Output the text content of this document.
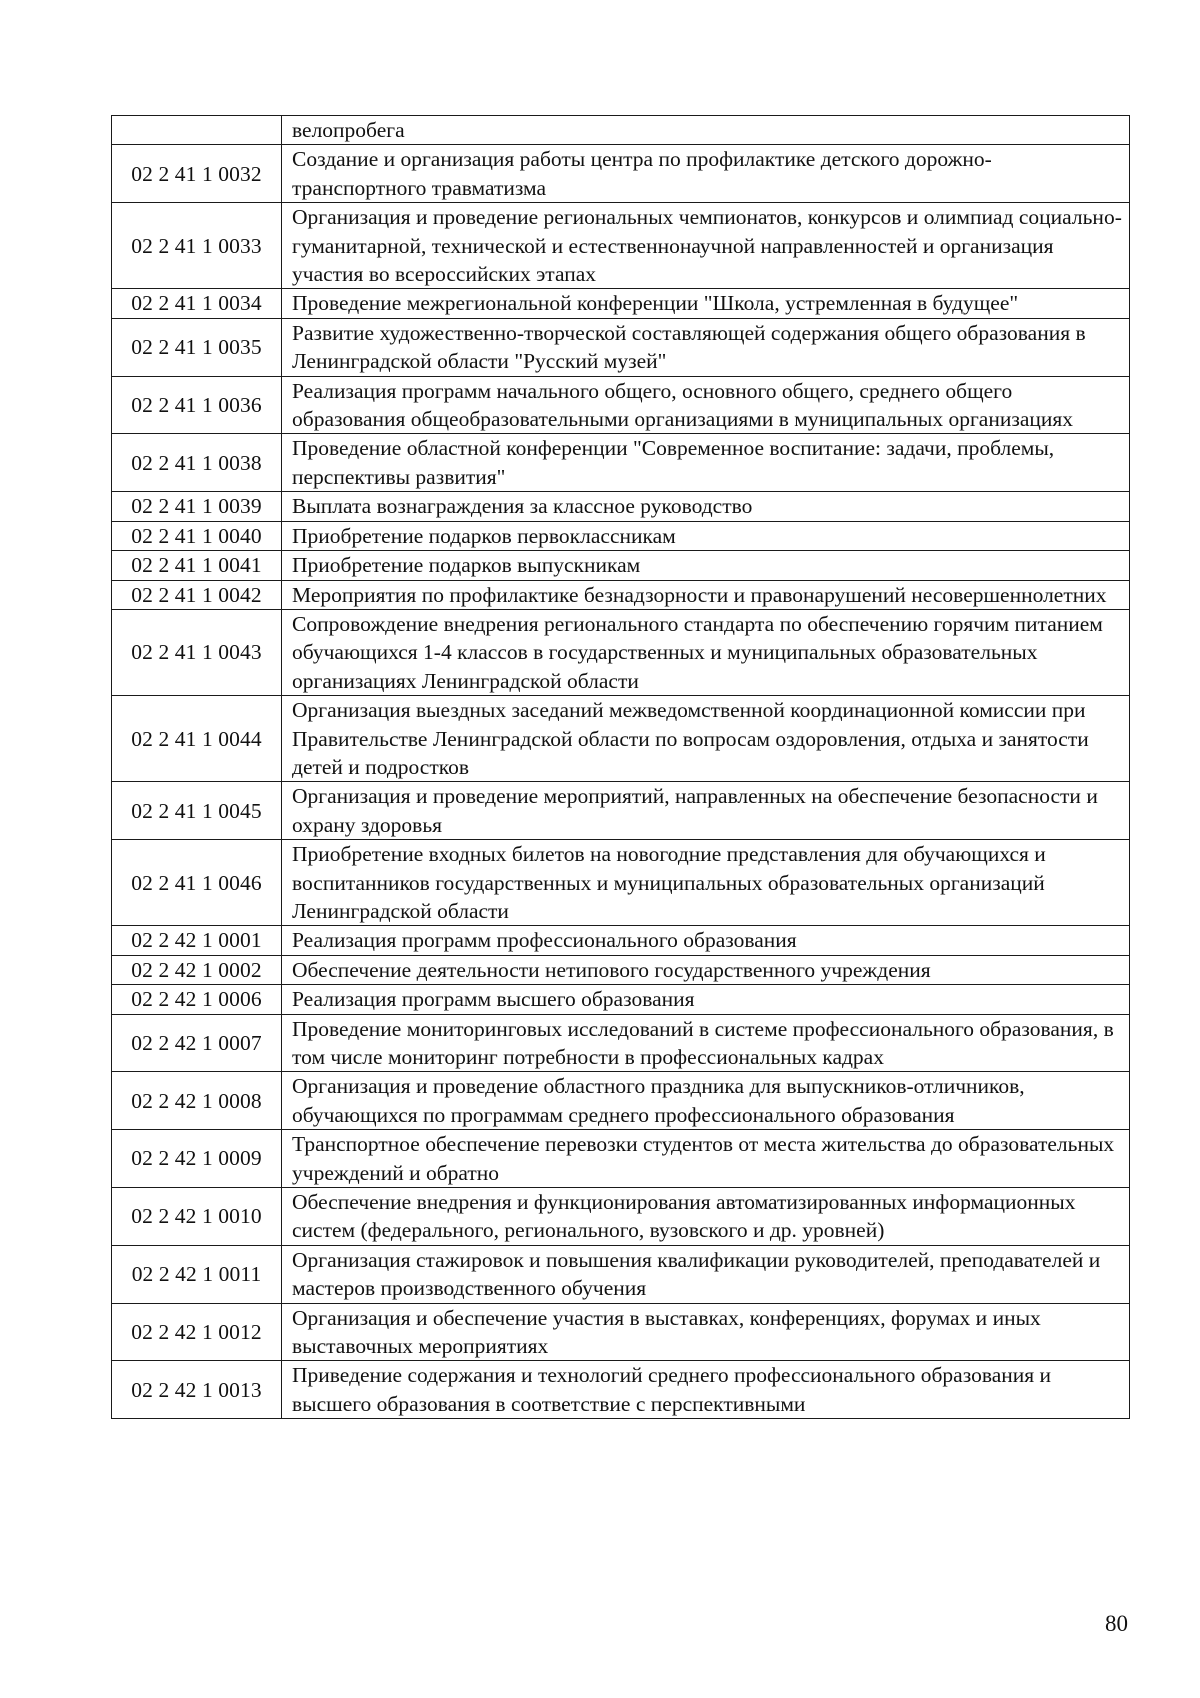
	велопробега
02 2 41 1 0032	Создание и организация работы центра по профилактике детского дорожно-транспортного травматизма
02 2 41 1 0033	Организация и проведение региональных чемпионатов, конкурсов и олимпиад социально-гуманитарной, технической и естественнонаучной направленностей и организация участия во всероссийских этапах
02 2 41 1 0034	Проведение межрегиональной конференции "Школа, устремленная в будущее"
02 2 41 1 0035	Развитие художественно-творческой составляющей содержания общего образования в Ленинградской области "Русский музей"
02 2 41 1 0036	Реализация программ начального общего, основного общего, среднего общего образования общеобразовательными организациями в муниципальных организациях
02 2 41 1 0038	Проведение областной конференции "Современное воспитание: задачи, проблемы, перспективы развития"
02 2 41 1 0039	Выплата вознаграждения за классное руководство
02 2 41 1 0040	Приобретение подарков первоклассникам
02 2 41 1 0041	Приобретение подарков выпускникам
02 2 41 1 0042	Мероприятия по профилактике безнадзорности и правонарушений несовершеннолетних
02 2 41 1 0043	Сопровождение внедрения регионального стандарта по обеспечению горячим питанием обучающихся 1-4 классов в государственных и муниципальных образовательных организациях Ленинградской области
02 2 41 1 0044	Организация выездных заседаний межведомственной координационной комиссии при Правительстве Ленинградской области по вопросам оздоровления, отдыха и занятости детей и подростков
02 2 41 1 0045	Организация и проведение мероприятий, направленных на обеспечение безопасности и охрану здоровья
02 2 41 1 0046	Приобретение входных билетов на новогодние представления для обучающихся и воспитанников государственных и муниципальных образовательных организаций Ленинградской области
02 2 42 1 0001	Реализация программ профессионального образования
02 2 42 1 0002	Обеспечение деятельности нетипового государственного учреждения
02 2 42 1 0006	Реализация программ высшего образования
02 2 42 1 0007	Проведение мониторинговых исследований в системе профессионального образования, в том числе мониторинг потребности в профессиональных кадрах
02 2 42 1 0008	Организация и проведение областного праздника для выпускников-отличников, обучающихся по программам среднего профессионального образования
02 2 42 1 0009	Транспортное обеспечение перевозки студентов от места жительства до образовательных учреждений и обратно
02 2 42 1 0010	Обеспечение внедрения и функционирования автоматизированных информационных систем (федерального, регионального, вузовского и др. уровней)
02 2 42 1 0011	Организация стажировок и повышения квалификации руководителей, преподавателей и мастеров производственного обучения
02 2 42 1 0012	Организация и обеспечение участия в выставках, конференциях, форумах и иных выставочных мероприятиях
02 2 42 1 0013	Приведение содержания и технологий среднего профессионального образования и высшего образования в соответствие с перспективными
80
